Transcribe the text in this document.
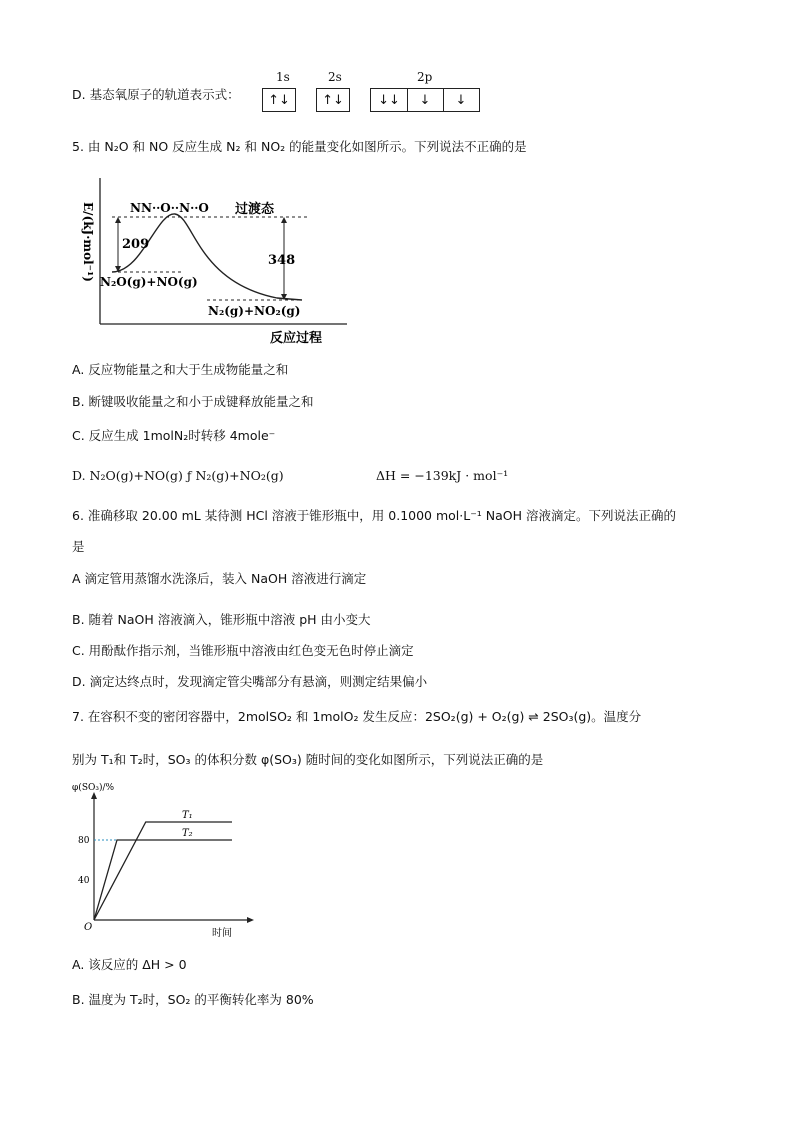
D. 基态氧原子的轨道表示式：
1s	2s	2p
↑↓ ↑↓	↓↓ ↓ ↓
5. 由 N₂O 和 NO 反应生成 N₂ 和 NO₂ 的能量变化如图所示。下列说法不正确的是
E/(kJ·mol⁻¹) 209
348
NN··O··N··O 过渡态
N₂O(g)+NO(g)
N₂(g)+NO₂(g)
反应过程
A. 反应物能量之和大于生成物能量之和
B. 断键吸收能量之和小于成键释放能量之和
C. 反应生成 1molN₂时转移 4mole⁻
D. N₂O(g)+NO(g) ƒ N₂(g)+NO₂(g)	ΔH = −139kJ · mol⁻¹
6. 准确移取 20.00 mL 某待测 HCl 溶液于锥形瓶中，用 0.1000 mol·L⁻¹ NaOH 溶液滴定。下列说法正确的
是
A 滴定管用蒸馏水洗涤后，装入 NaOH 溶液进行滴定
B. 随着 NaOH 溶液滴入，锥形瓶中溶液 pH 由小变大
C. 用酚酞作指示剂，当锥形瓶中溶液由红色变无色时停止滴定
D. 滴定达终点时，发现滴定管尖嘴部分有悬滴，则测定结果偏小
7. 在容积不变的密闭容器中，2molSO₂ 和 1molO₂ 发生反应：2SO₂(g) + O₂(g) ⇌ 2SO₃(g)。温度分
别为 T₁和 T₂时，SO₃ 的体积分数 φ(SO₃) 随时间的变化如图所示，下列说法正确的是
φ(SO₃)/%
时间
O
40
80
T₁
T₂
A. 该反应的 ΔH > 0
B. 温度为 T₂时，SO₂ 的平衡转化率为 80%
